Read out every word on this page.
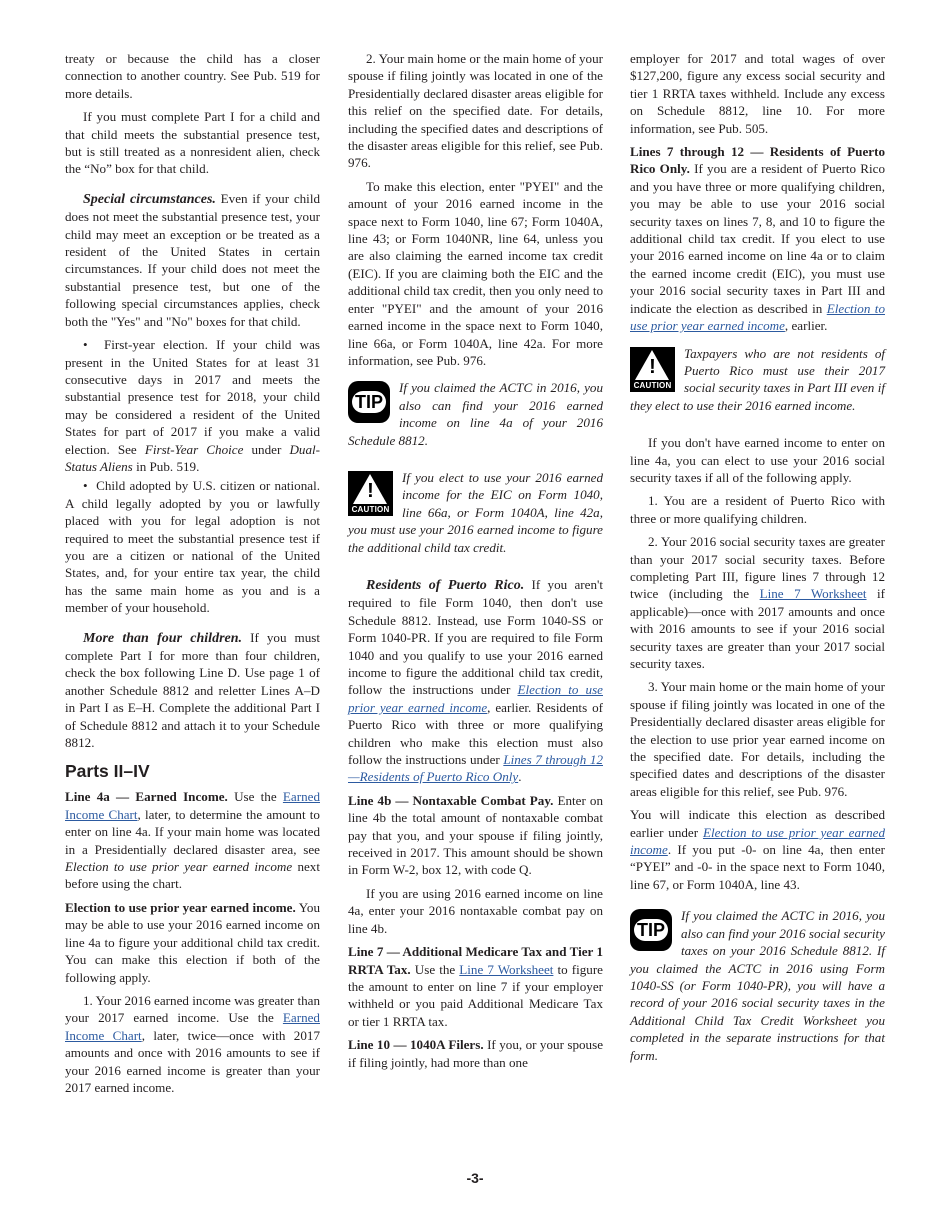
treaty or because the child has a closer connection to another country. See Pub. 519 for more details.

If you must complete Part I for a child and that child meets the substantial presence test, but is still treated as a nonresident alien, check the “No” box for that child.

Special circumstances. Even if your child does not meet the substantial presence test, your child may meet an exception or be treated as a resident of the United States in certain circumstances. If your child does not meet the substantial presence test, but one of the following special circumstances applies, check both the "Yes" and "No" boxes for that child.

•  First-year election. If your child was present in the United States for at least 31 consecutive days in 2017 and meets the substantial presence test for 2018, your child may be considered a resident of the United States for part of 2017 if you make a valid election. See First-Year Choice under Dual-Status Aliens in Pub. 519.

•  Child adopted by U.S. citizen or national. A child legally adopted by you or lawfully placed with you for legal adoption is not required to meet the substantial presence test if you are a citizen or national of the United States, and, for your entire tax year, the child has the same main home as you and is a member of your household.

More than four children. If you must complete Part I for more than four children, check the box following Line D. Use page 1 of another Schedule 8812 and reletter Lines A–D in Part I as E–H. Complete the additional Part I of Schedule 8812 and attach it to your Schedule 8812.

Parts II–IV

Line 4a — Earned Income. Use the Earned Income Chart, later, to determine the amount to enter on line 4a. If your main home was located in a Presidentially declared disaster area, see Election to use prior year earned income next before using the chart.

Election to use prior year earned income. You may be able to use your 2016 earned income on line 4a to figure your additional child tax credit. You can make this election if both of the following apply.

1. Your 2016 earned income was greater than your 2017 earned income. Use the Earned Income Chart, later, twice—once with 2017 amounts and once with 2016 amounts to see if your 2016 earned income is greater than your 2017 earned income.

2. Your main home or the main home of your spouse if filing jointly was located in one of the Presidentially declared disaster areas eligible for this relief on the specified date. For details, including the specified dates and descriptions of the disaster areas eligible for this relief, see Pub. 976.

To make this election, enter "PYEI" and the amount of your 2016 earned income in the space next to Form 1040, line 67; Form 1040A, line 43; or Form 1040NR, line 64, unless you are also claiming the earned income tax credit (EIC). If you are claiming both the EIC and the additional child tax credit, then you only need to enter "PYEI" and the amount of your 2016 earned income in the space next to Form 1040, line 66a, or Form 1040A, line 42a. For more information, see Pub. 976.

TIP

If you claimed the ACTC in 2016, you also can find your 2016 earned income on line 4a of your 2016 Schedule 8812.

!
CAUTION

If you elect to use your 2016 earned income for the EIC on Form 1040, line 66a, or Form 1040A, line 42a, you must use your 2016 earned income to figure the additional child tax credit.

Residents of Puerto Rico. If you aren't required to file Form 1040, then don't use Schedule 8812. Instead, use Form 1040-SS or Form 1040-PR. If you are required to file Form 1040 and you qualify to use your 2016 earned income to figure the additional child tax credit, follow the instructions under Election to use prior year earned income, earlier. Residents of Puerto Rico with three or more qualifying children who make this election must also follow the instructions under Lines 7 through 12—Residents of Puerto Rico Only.

Line 4b — Nontaxable Combat Pay. Enter on line 4b the total amount of nontaxable combat pay that you, and your spouse if filing jointly, received in 2017. This amount should be shown in Form W-2, box 12, with code Q.

If you are using 2016 earned income on line 4a, enter your 2016 nontaxable combat pay on line 4b.

Line 7 — Additional Medicare Tax and Tier 1 RRTA Tax. Use the Line 7 Worksheet to figure the amount to enter on line 7 if your employer withheld or you paid Additional Medicare Tax or tier 1 RRTA tax.

Line 10 — 1040A Filers. If you, or your spouse if filing jointly, had more than one

employer for 2017 and total wages of over $127,200, figure any excess social security and tier 1 RRTA taxes withheld. Include any excess on Schedule 8812, line 10. For more information, see Pub. 505.

Lines 7 through 12 — Residents of Puerto Rico Only. If you are a resident of Puerto Rico and you have three or more qualifying children, you may be able to use your 2016 social security taxes on lines 7, 8, and 10 to figure the additional child tax credit. If you elect to use your 2016 earned income on line 4a or to claim the earned income credit (EIC), you must use your 2016 social security taxes in Part III and indicate the election as described in Election to use prior year earned income, earlier.

!
CAUTION

Taxpayers who are not residents of Puerto Rico must use their 2017 social security taxes in Part III even if they elect to use their 2016 earned income.

If you don't have earned income to enter on line 4a, you can elect to use your 2016 social security taxes if all of the following apply.

1. You are a resident of Puerto Rico with three or more qualifying children.

2. Your 2016 social security taxes are greater than your 2017 social security taxes. Before completing Part III, figure lines 7 through 12 twice (including the Line 7 Worksheet if applicable)—once with 2017 amounts and once with 2016 amounts to see if your 2016 social security taxes are greater than your 2017 social security taxes.

3. Your main home or the main home of your spouse if filing jointly was located in one of the Presidentially declared disaster areas eligible for the election to use prior year earned income on the specified date. For details, including the specified dates and descriptions of the disaster areas eligible for this relief, see Pub. 976.

You will indicate this election as described earlier under Election to use prior year earned income. If you put -0- on line 4a, then enter “PYEI” and -0- in the space next to Form 1040, line 67, or Form 1040A, line 43.

TIP

If you claimed the ACTC in 2016, you also can find your 2016 social security taxes on your 2016 Schedule 8812. If you claimed the ACTC in 2016 using Form 1040-SS (or Form 1040-PR), you will have a record of your 2016 social security taxes in the Additional Child Tax Credit Worksheet you completed in the separate instructions for that form.

-3-
